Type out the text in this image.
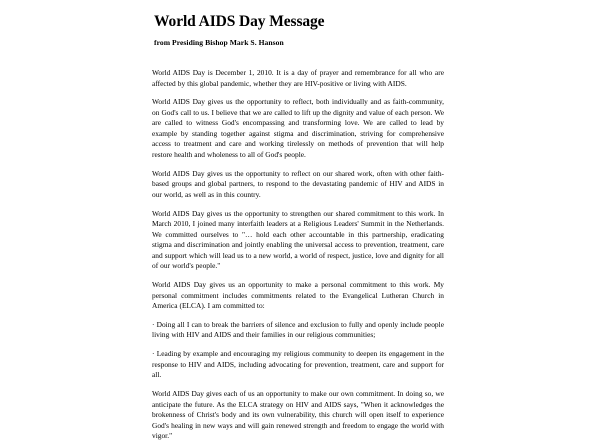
World AIDS Day Message

from Presiding Bishop Mark S. Hanson

World AIDS Day is December 1, 2010. It is a day of prayer and remembrance for all who are affected by this global pandemic, whether they are HIV-positive or living with AIDS.

World AIDS Day gives us the opportunity to reflect, both individually and as faith-community, on God's call to us. I believe that we are called to lift up the dignity and value of each person. We are called to witness God's encompassing and transforming love. We are called to lead by example by standing together against stigma and discrimination, striving for comprehensive access to treatment and care and working tirelessly on methods of prevention that will help restore health and wholeness to all of God's people.

World AIDS Day gives us the opportunity to reflect on our shared work, often with other faith-based groups and global partners, to respond to the devastating pandemic of HIV and AIDS in our world, as well as in this country.

World AIDS Day gives us the opportunity to strengthen our shared commitment to this work. In March 2010, I joined many interfaith leaders at a Religious Leaders' Summit in the Netherlands. We committed ourselves to "… hold each other accountable in this partnership, eradicating stigma and discrimination and jointly enabling the universal access to prevention, treatment, care and support which will lead us to a new world, a world of respect, justice, love and dignity for all of our world's people."

World AIDS Day gives us an opportunity to make a personal commitment to this work. My personal commitment includes commitments related to the Evangelical Lutheran Church in America (ELCA). I am committed to:

· Doing all I can to break the barriers of silence and exclusion to fully and openly include people living with HIV and AIDS and their families in our religious communities;

· Leading by example and encouraging my religious community to deepen its engagement in the response to HIV and AIDS, including advocating for prevention, treatment, care and support for all.

World AIDS Day gives each of us an opportunity to make our own commitment. In doing so, we anticipate the future. As the ELCA strategy on HIV and AIDS says, "When it acknowledges the brokenness of Christ's body and its own vulnerability, this church will open itself to experience God's healing in new ways and will gain renewed strength and freedom to engage the world with vigor."
